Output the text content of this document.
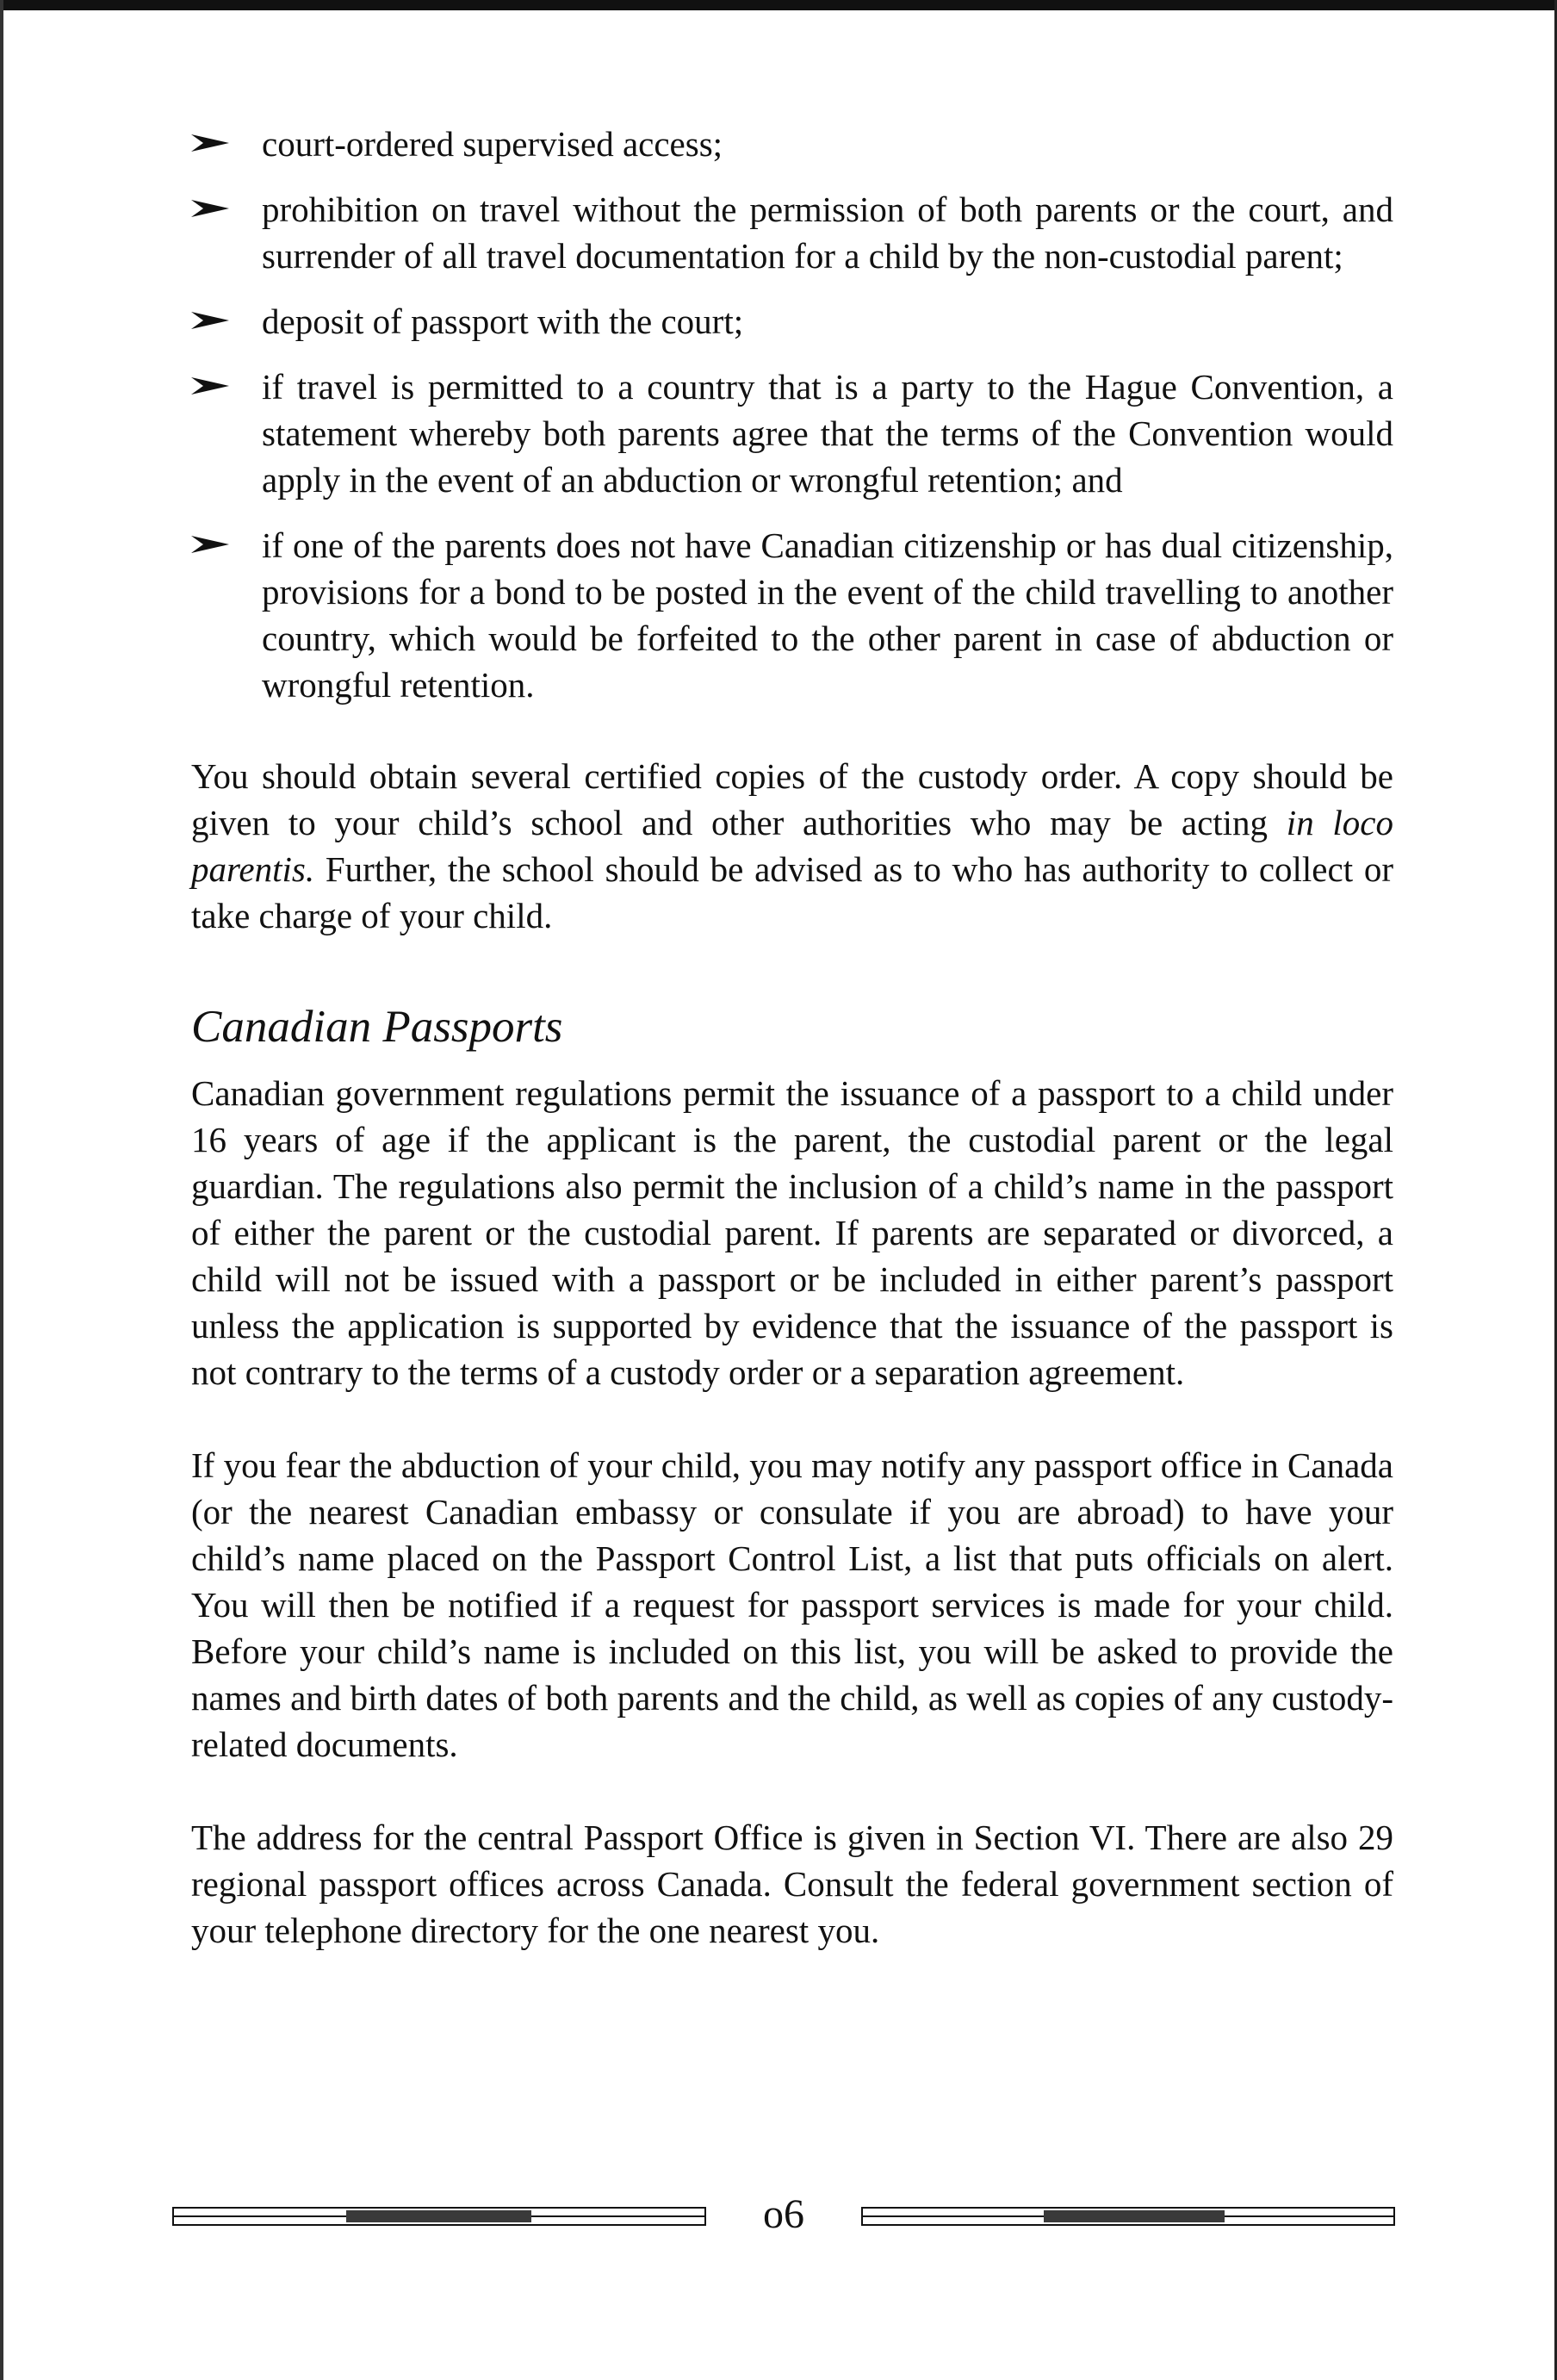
court-ordered supervised access;
prohibition on travel without the permission of both parents or the court, and surrender of all travel documentation for a child by the non-custodial parent;
deposit of passport with the court;
if travel is permitted to a country that is a party to the Hague Convention, a statement whereby both parents agree that the terms of the Convention would apply in the event of an abduction or wrongful retention; and
if one of the parents does not have Canadian citizenship or has dual citizenship, provisions for a bond to be posted in the event of the child travelling to another country, which would be forfeited to the other parent in case of abduction or wrongful retention.

You should obtain several certified copies of the custody order. A copy should be given to your child’s school and other authorities who may be acting in loco parentis. Further, the school should be advised as to who has authority to collect or take charge of your child.

Canadian Passports

Canadian government regulations permit the issuance of a passport to a child under 16 years of age if the applicant is the parent, the custodial parent or the legal guardian. The regulations also permit the inclusion of a child’s name in the passport of either the parent or the custodial parent. If parents are separated or divorced, a child will not be issued with a passport or be included in either parent’s passport unless the application is supported by evidence that the issuance of the passport is not contrary to the terms of a custody order or a separation agreement.

If you fear the abduction of your child, you may notify any passport office in Canada (or the nearest Canadian embassy or consulate if you are abroad) to have your child’s name placed on the Passport Control List, a list that puts officials on alert. You will then be notified if a request for passport services is made for your child. Before your child’s name is included on this list, you will be asked to provide the names and birth dates of both parents and the child, as well as copies of any custody-related documents.

The address for the central Passport Office is given in Section VI. There are also 29 regional passport offices across Canada. Consult the federal government section of your telephone directory for the one nearest you.

o6
